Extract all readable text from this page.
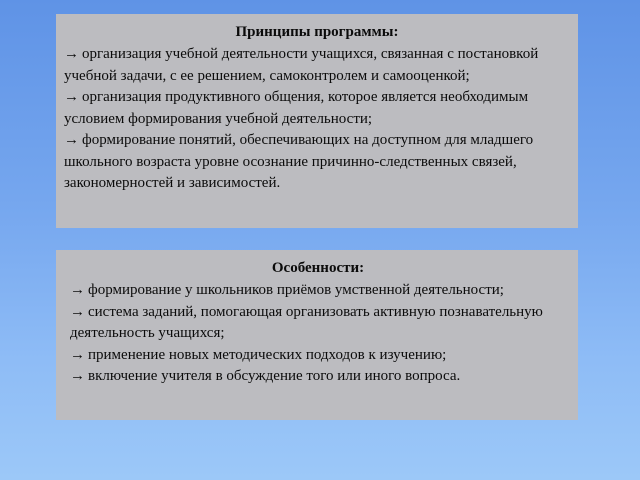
Принципы программы:
→ организация учебной деятельности учащихся, связанная с постановкой учебной задачи, с ее решением, самоконтролем и самооценкой;
→ организация продуктивного общения, которое является необходимым условием формирования учебной деятельности;
→ формирование понятий, обеспечивающих на доступном для младшего школьного возраста уровне осознание причинно-следственных связей, закономерностей и зависимостей.
Особенности:
→ формирование у школьников приёмов умственной деятельности;
→ система заданий, помогающая организовать активную познавательную деятельность учащихся;
→ применение новых методических подходов к изучению;
→ включение учителя в обсуждение того или иного вопроса.
